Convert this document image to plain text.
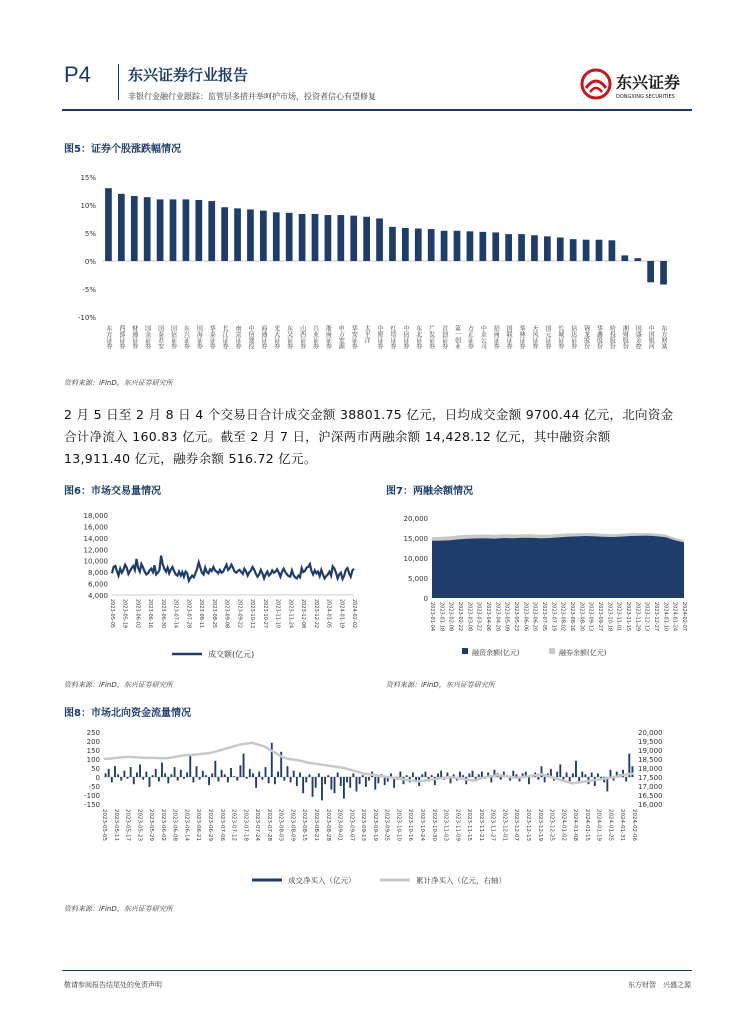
P4 东兴证券行业报告
非银行金融行业跟踪：监管层多措并举呵护市场，投资者信心有望修复
东兴证券
DONGXING SECURITIES
图5：证券个股涨跌幅情况
15%
10%
5%
0%
-5%
-10%
东方证券 西部证券 财通证券 国金证券 国泰君安 国信证券 东兴证券 国海证券 华泰证券 长江证券 南京证券 中信建投 海通证券 光大证券 东吴证券 山西证券 兴业证券 浙商证券 申万宏源 华安证券 太平洋 中原证券 红塔证券 中信证券 东北证券 广发证券 首创证券 第一创业 方正证券 中金公司 招商证券 国联证券 华林证券 天风证券 国元证券 长城证券 信达证券 锦龙股份 华鑫股份 哈投股份 湘财股份 国盛金控 中国银河 东方财富
资料来源：iFinD，东兴证券研究所
2 月 5 日至 2 月 8 日 4 个交易日合计成交金额 38801.75 亿元，日均成交金额 9700.44 亿元，北向资金合计净流入 160.83 亿元。截至 2 月 7 日，沪深两市两融余额 14,428.12 亿元，其中融资余额 13,911.40 亿元，融券余额 516.72 亿元。
图6：市场交易量情况
18,000
16,000
14,000
12,000
10,000
8,000
6,000
4,000
2023-05-05 2023-05-19 2023-06-02 2023-06-16 2023-06-30 2023-07-14 2023-07-28 2023-08-11 2023-08-25 2023-09-08 2023-09-22 2023-10-13 2023-10-27 2023-11-10 2023-11-24 2023-12-08 2023-12-22 2024-01-05 2024-01-19 2024-02-02
成交额(亿元)
资料来源：iFinD，东兴证券研究所
图7：两融余额情况
20,000
15,000
10,000
5,000
0
2023-01-04 2023-01-18 2023-02-08 2023-02-22 2023-03-08 2023-03-22 2023-04-06 2023-04-20 2023-05-09 2023-05-23 2023-06-06 2023-06-20 2023-07-05 2023-07-19 2023-08-02 2023-08-16 2023-08-30 2023-09-13 2023-09-27 2023-10-18 2023-11-01 2023-11-15 2023-11-29 2023-12-13 2023-12-27 2024-01-10 2024-01-24 2024-02-07
融资余额(亿元)	融券余额(亿元)
资料来源：iFinD，东兴证券研究所
图8：市场北向资金流量情况
250
200
150
100
50
0
-50
-100
-150
20,000
19,500
19,000
18,500
18,000
17,500
17,000
16,500
16,000
2023-05-05 2023-05-11 2023-05-17 2023-05-23 2023-05-29 2023-06-02 2023-06-08 2023-06-14 2023-06-21 2023-06-29 2023-07-06 2023-07-12 2023-07-18 2023-07-24 2023-07-28 2023-08-03 2023-08-09 2023-08-15 2023-08-21 2023-08-28 2023-09-01 2023-09-07 2023-09-13 2023-09-19 2023-09-25 2023-10-10 2023-10-16 2023-10-24 2023-10-30 2023-11-03 2023-11-09 2023-11-15 2023-11-21 2023-11-27 2023-12-01 2023-12-07 2023-12-13 2023-12-19 2023-12-25 2024-01-02 2024-01-08 2024-01-15 2024-01-19 2024-01-25 2024-01-31 2024-02-06
成交净买入（亿元）	累计净买入（亿元，右轴）
资料来源：iFinD，东兴证券研究所
敬请参阅报告结尾处的免责声明	东方财智　兴盛之源
